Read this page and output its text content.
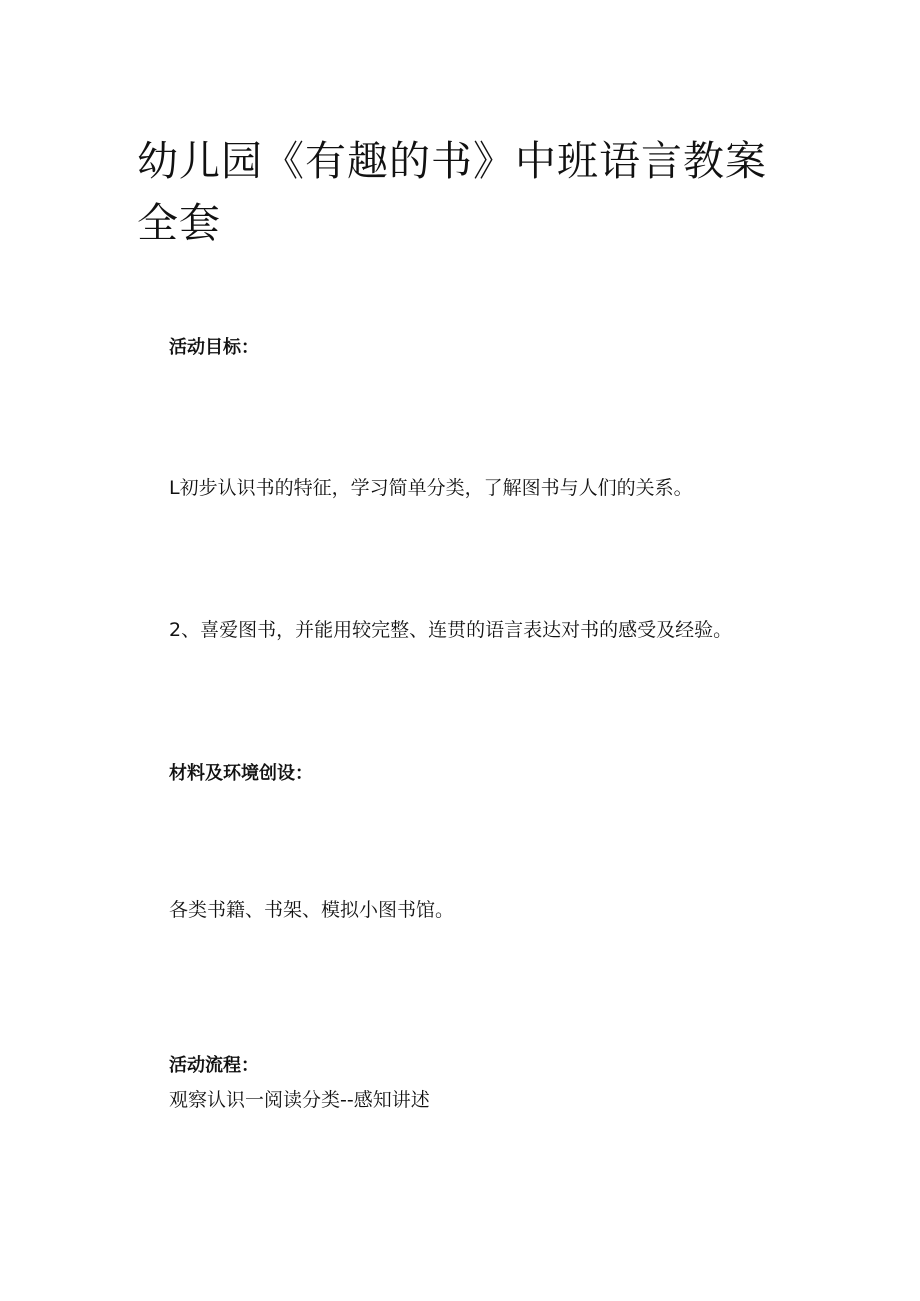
幼儿园《有趣的书》中班语言教案全套
活动目标：

L初步认识书的特征，学习简单分类，了解图书与人们的关系。

2、喜爱图书，并能用较完整、连贯的语言表达对书的感受及经验。

材料及环境创设：

各类书籍、书架、模拟小图书馆。

活动流程：

观察认识一阅读分类--感知讲述
